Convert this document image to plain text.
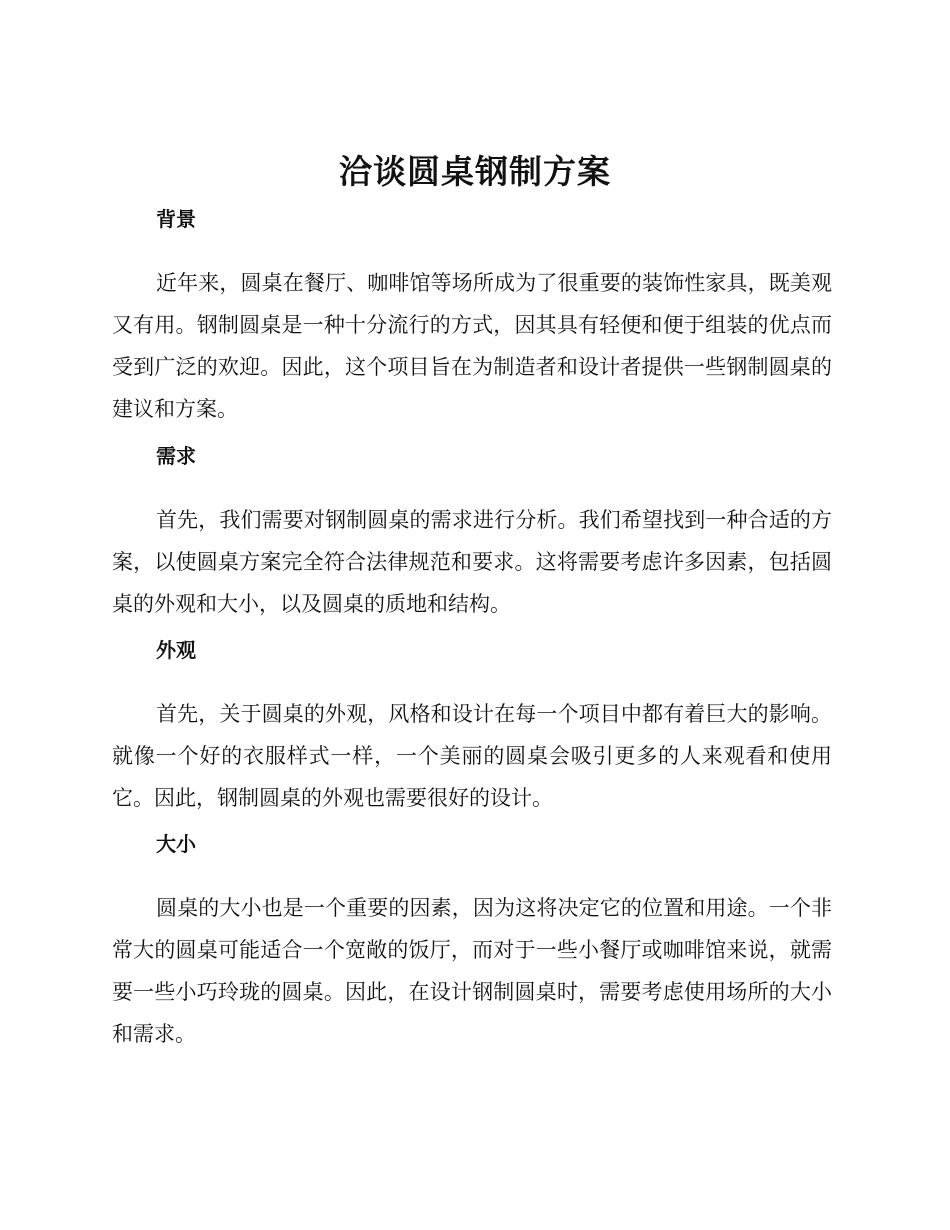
洽谈圆桌钢制方案
背景

近年来，圆桌在餐厅、咖啡馆等场所成为了很重要的装饰性家具，既美观又有用。钢制圆桌是一种十分流行的方式，因其具有轻便和便于组装的优点而受到广泛的欢迎。因此，这个项目旨在为制造者和设计者提供一些钢制圆桌的建议和方案。

需求

首先，我们需要对钢制圆桌的需求进行分析。我们希望找到一种合适的方案，以使圆桌方案完全符合法律规范和要求。这将需要考虑许多因素，包括圆桌的外观和大小，以及圆桌的质地和结构。

外观

首先，关于圆桌的外观，风格和设计在每一个项目中都有着巨大的影响。就像一个好的衣服样式一样，一个美丽的圆桌会吸引更多的人来观看和使用它。因此，钢制圆桌的外观也需要很好的设计。

大小

圆桌的大小也是一个重要的因素，因为这将决定它的位置和用途。一个非常大的圆桌可能适合一个宽敞的饭厅，而对于一些小餐厅或咖啡馆来说，就需要一些小巧玲珑的圆桌。因此，在设计钢制圆桌时，需要考虑使用场所的大小和需求。
